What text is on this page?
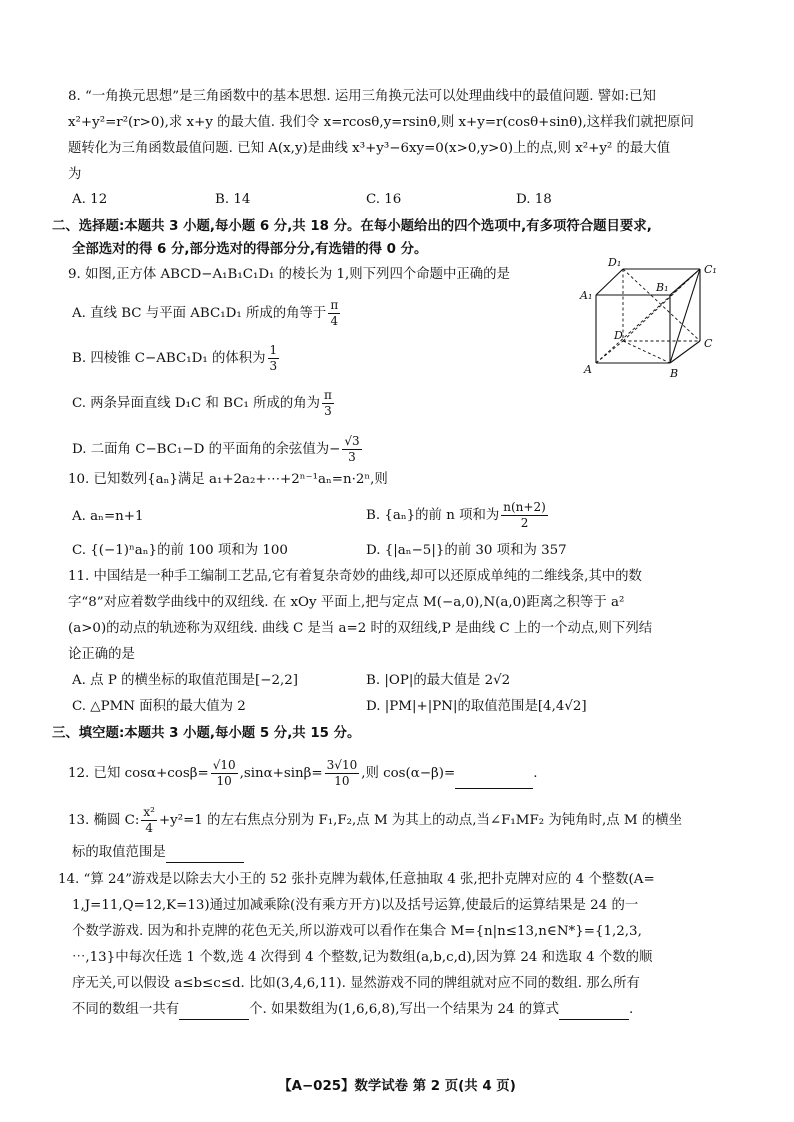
8. “一角换元思想”是三角函数中的基本思想. 运用三角换元法可以处理曲线中的最值问题. 譬如:已知
x²+y²=r²(r>0),求 x+y 的最大值. 我们令 x=rcosθ,y=rsinθ,则 x+y=r(cosθ+sinθ),这样我们就把原问
题转化为三角函数最值问题. 已知 A(x,y)是曲线 x³+y³−6xy=0(x>0,y>0)上的点,则 x²+y² 的最大值
为
A. 12	B. 14	C. 16	D. 18
二、选择题:本题共 3 小题,每小题 6 分,共 18 分。在每小题给出的四个选项中,有多项符合题目要求,
全部选对的得 6 分,部分选对的得部分分,有选错的得 0 分。
9. 如图,正方体 ABCD−A₁B₁C₁D₁ 的棱长为 1,则下列四个命题中正确的是
A. 直线 BC 与平面 ABC₁D₁ 所成的角等于 $\frac{\pi}{4}$
B. 四棱锥 C−ABC₁D₁ 的体积为 $\frac{1}{3}$
C. 两条异面直线 D₁C 和 BC₁ 所成的角为 $\frac{\pi}{3}$
D. 二面角 C−BC₁−D 的平面角的余弦值为− $\frac{√3}{3}$
D₁
C₁
A₁
B₁
D
C
A	B
10. 已知数列{aₙ}满足 a₁+2a₂+⋯+2ⁿ⁻¹aₙ=n·2ⁿ,则
A. aₙ=n+1	B. {aₙ}的前 n 项和为 $\frac{n(n+2)}{2}$
C. {(−1)ⁿaₙ}的前 100 项和为 100	D. {|aₙ−5|}的前 30 项和为 357
11. 中国结是一种手工编制工艺品,它有着复杂奇妙的曲线,却可以还原成单纯的二维线条,其中的数
字“8”对应着数学曲线中的双纽线. 在 xOy 平面上,把与定点 M(−a,0),N(a,0)距离之积等于 a²
(a>0)的动点的轨迹称为双纽线. 曲线 C 是当 a=2 时的双纽线,P 是曲线 C 上的一个动点,则下列结
论正确的是
A. 点 P 的横坐标的取值范围是[−2,2]	B. |OP|的最大值是 2√2
C. △PMN 面积的最大值为 2	D. |PM|+|PN|的取值范围是[4,4√2]
三、填空题:本题共 3 小题,每小题 5 分,共 15 分。
12. 已知 $\cos\alpha+\cos\beta= \frac{√10}{10} ,\sin\alpha+\sin\beta= \frac{3√10}{10}$ ,则 cos(α−β)=	.
13. 椭圆 C: $\frac{\text{x²}}{4} +y^2=1$ 的左右焦点分别为 F₁,F₂,点 M 为其上的动点,当∠F₁MF₂ 为钝角时,点 M 的横坐
标的取值范围是
14. “算 24”游戏是以除去大小王的 52 张扑克牌为载体,任意抽取 4 张,把扑克牌对应的 4 个整数(A=
1,J=11,Q=12,K=13)通过加减乘除(没有乘方开方)以及括号运算,使最后的运算结果是 24 的一
个数学游戏. 因为和扑克牌的花色无关,所以游戏可以看作在集合 M={n|n≤13,n∈N*}={1,2,3,
⋯,13}中每次任选 1 个数,选 4 次得到 4 个整数,记为数组(a,b,c,d),因为算 24 和选取 4 个数的顺
序无关,可以假设 a≤b≤c≤d. 比如(3,4,6,11). 显然游戏不同的牌组就对应不同的数组. 那么所有
不同的数组一共有	个. 如果数组为(1,6,6,8),写出一个结果为 24 的算式	.
【A−025】数学试卷 第 2 页(共 4 页)
